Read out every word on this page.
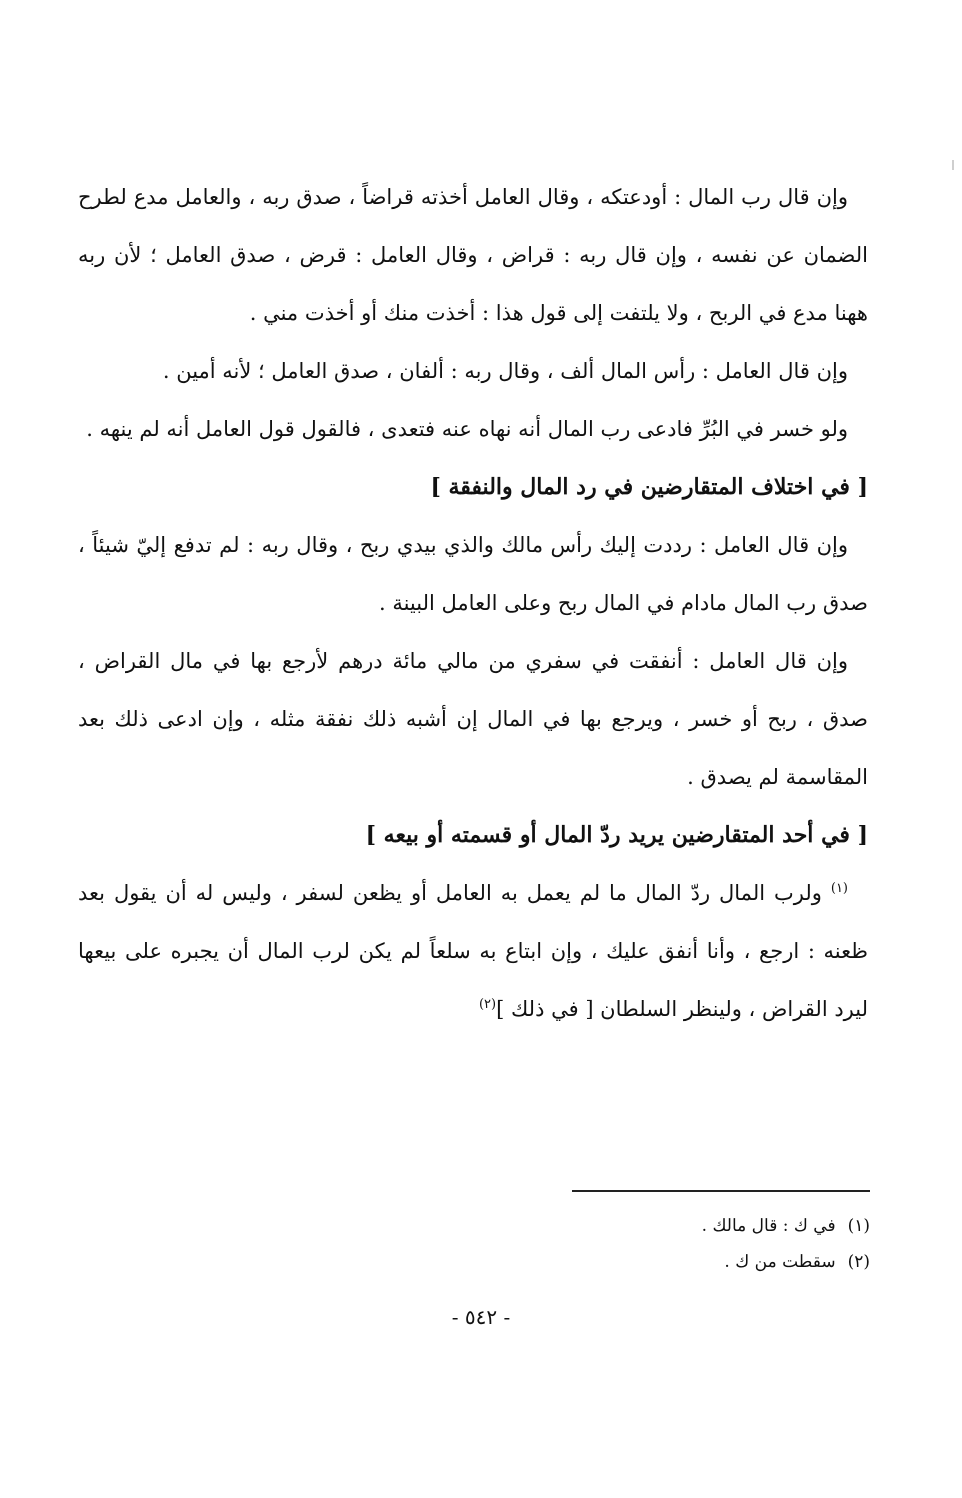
وإن قال رب المال : أودعتكه ، وقال العامل أخذته قراضاً ، صدق ربه ، والعامل مدع لطرح الضمان عن نفسه ، وإن قال ربه : قراض ، وقال العامل : قرض ، صدق العامل ؛ لأن ربه ههنا مدع في الربح ، ولا يلتفت إلى قول هذا : أخذت منك أو أخذت مني .

وإن قال العامل : رأس المال ألف ، وقال ربه : ألفان ، صدق العامل ؛ لأنه أمين .

ولو خسر في البُرِّ فادعى رب المال أنه نهاه عنه فتعدى ، فالقول قول العامل أنه لم ينهه .

[ في اختلاف المتقارضين في رد المال والنفقة ]

وإن قال العامل : رددت إليك رأس مالك والذي بيدي ربح ، وقال ربه : لم تدفع إليّ شيئاً ، صدق رب المال مادام في المال ربح وعلى العامل البينة .

وإن قال العامل : أنفقت في سفري من مالي مائة درهم لأرجع بها في مال القراض ، صدق ، ربح أو خسر ، ويرجع بها في المال إن أشبه ذلك نفقة مثله ، وإن ادعى ذلك بعد المقاسمة لم يصدق .

[ في أحد المتقارضين يريد ردّ المال أو قسمته أو بيعه ]

$^{(١)}$ ولرب المال ردّ المال ما لم يعمل به العامل أو يظعن لسفر ، وليس له أن يقول بعد ظعنه : ارجع ، وأنا أنفق عليك ، وإن ابتاع به سلعاً لم يكن لرب المال أن يجبره على بيعها ليرد القراض ، ولينظر السلطان [ في ذلك ]$^{(٢)}$

(١)في ك : قال مالك .

(٢)سقطت من ك .

- ٥٤٢ -
